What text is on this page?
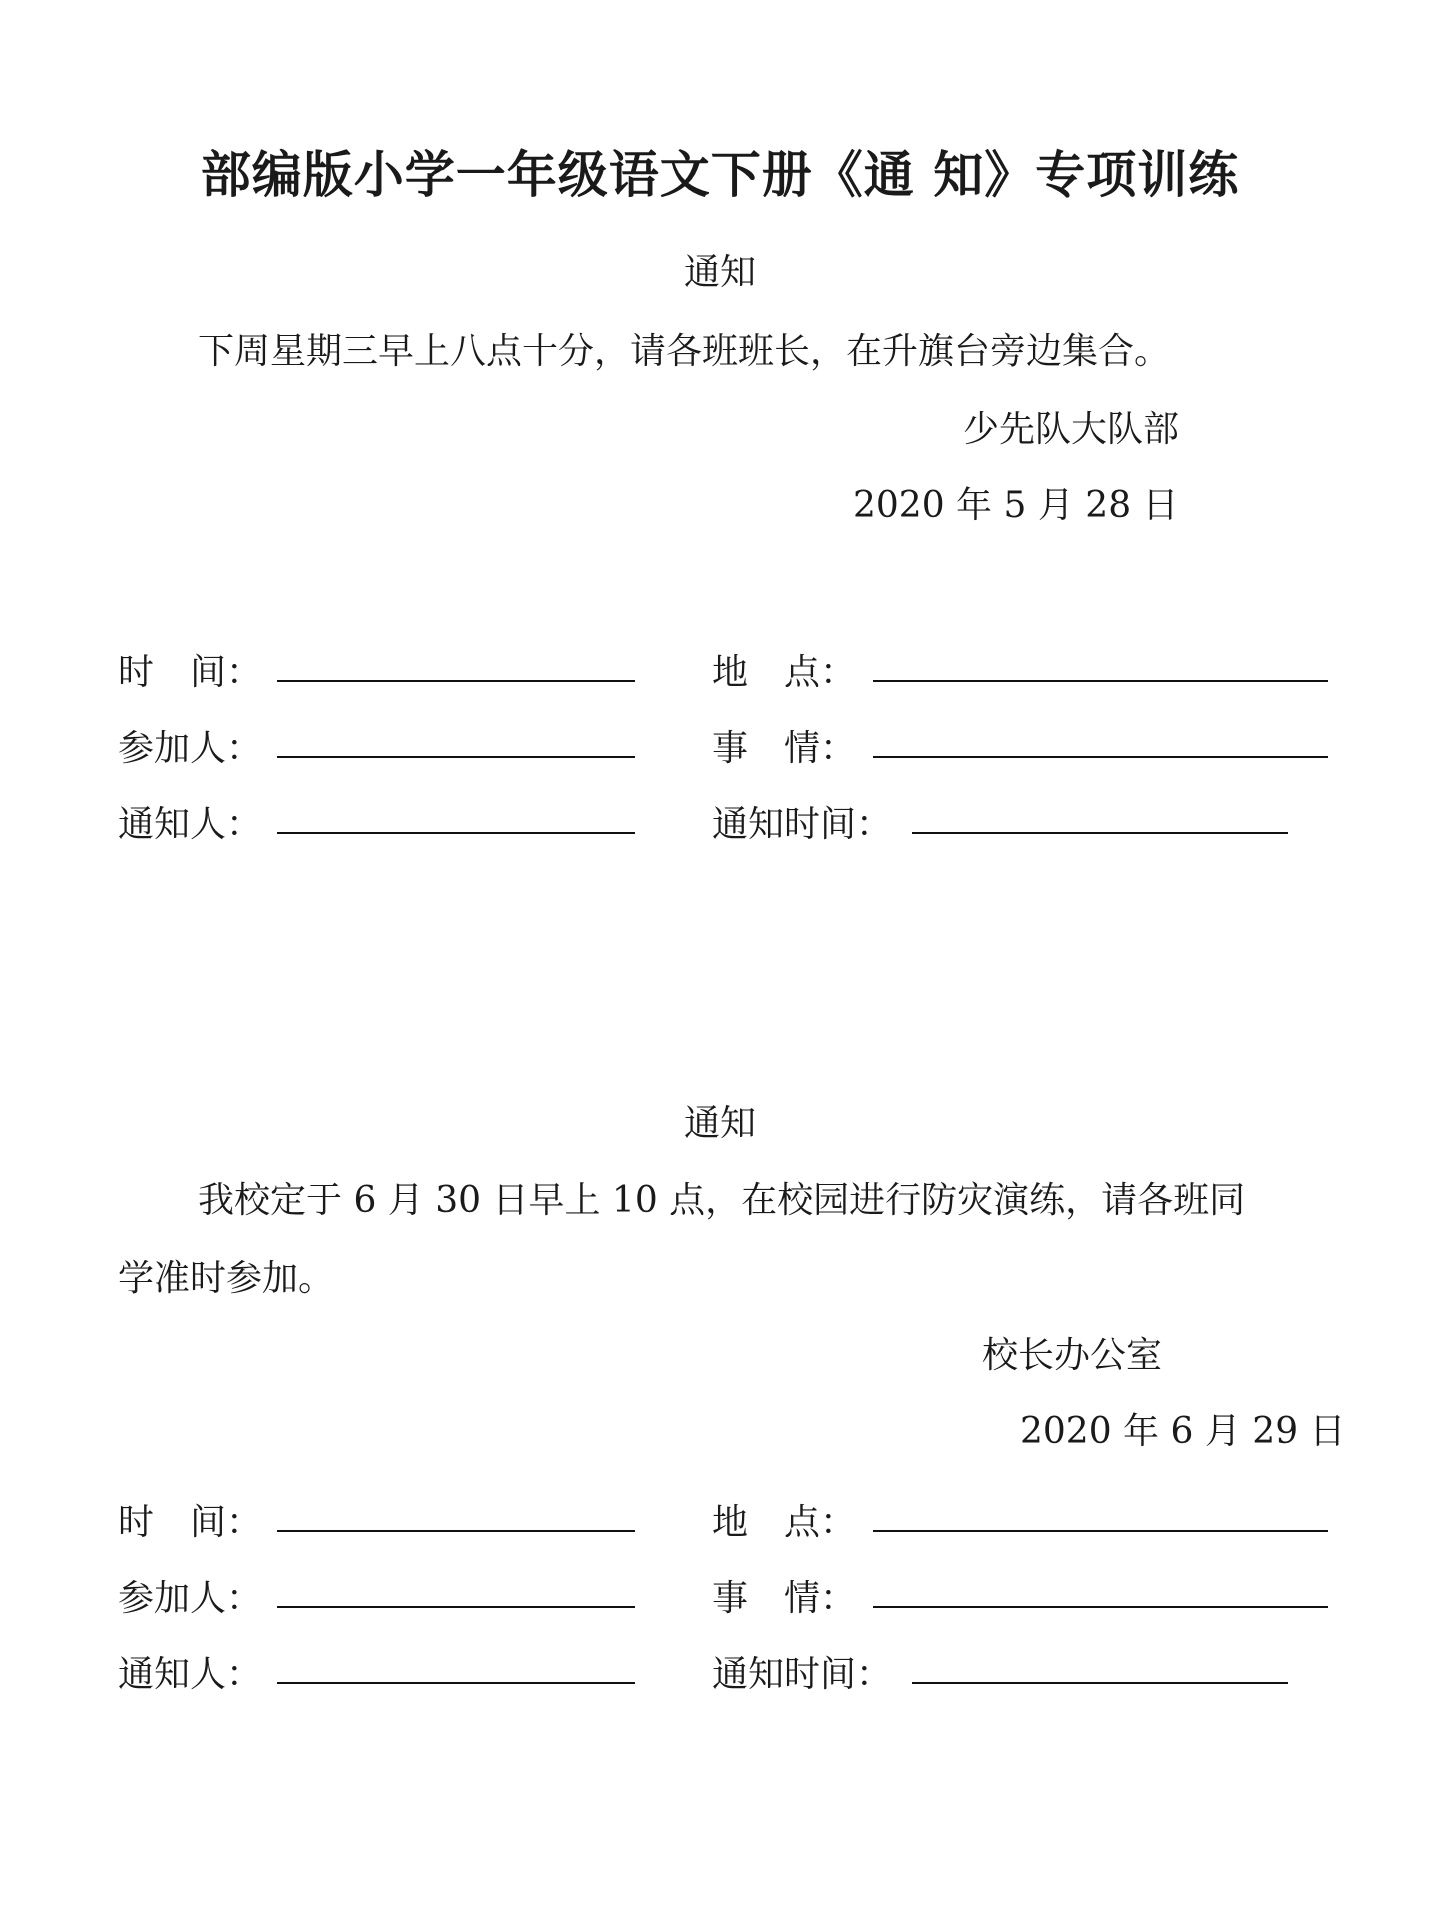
部编版小学一年级语文下册《通 知》专项训练
通知
下周星期三早上八点十分，请各班班长，在升旗台旁边集合。
少先队大队部
2020 年 5 月 28 日
时　间：	地　点：
参加人：	事　情：
通知人：	通知时间：
通知
我校定于 6 月 30 日早上 10 点，在校园进行防灾演练，请各班同
学准时参加。
校长办公室
2020 年 6 月 29 日
时　间：	地　点：
参加人：	事　情：
通知人：	通知时间：
